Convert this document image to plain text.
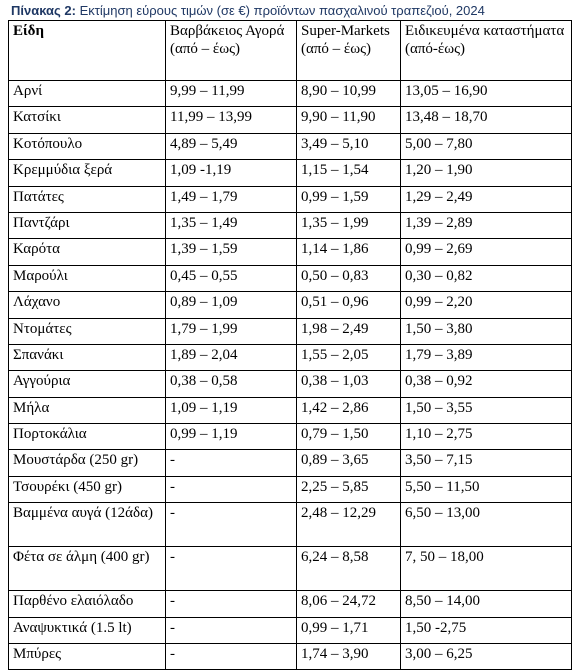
Πίνακας 2: Εκτίμηση εύρους τιμών (σε €) προϊόντων πασχαλινού τραπεζιού, 2024
Είδη	Βαρβάκειος Αγορά (από – έως)	Super-Markets (από – έως)	Ειδικευμένα καταστήματα (από-έως)
Αρνί	9,99 – 11,99	8,90 – 10,99	13,05 – 16,90
Κατσίκι	11,99 – 13,99	9,90 – 11,90	13,48 – 18,70
Κοτόπουλο	4,89 – 5,49	3,49 – 5,10	5,00 – 7,80
Κρεμμύδια ξερά	1,09 -1,19	1,15 – 1,54	1,20 – 1,90
Πατάτες	1,49 – 1,79	0,99 – 1,59	1,29 – 2,49
Παντζάρι	1,35 – 1,49	1,35 – 1,99	1,39 – 2,89
Καρότα	1,39 – 1,59	1,14 – 1,86	0,99 – 2,69
Μαρούλι	0,45 – 0,55	0,50 – 0,83	0,30 – 0,82
Λάχανο	0,89 – 1,09	0,51 – 0,96	0,99 – 2,20
Ντομάτες	1,79 – 1,99	1,98 – 2,49	1,50 – 3,80
Σπανάκι	1,89 – 2,04	1,55 – 2,05	1,79 – 3,89
Αγγούρια	0,38 – 0,58	0,38 – 1,03	0,38 – 0,92
Μήλα	1,09 – 1,19	1,42 – 2,86	1,50 – 3,55
Πορτοκάλια	0,99 – 1,19	0,79 – 1,50	1,10 – 2,75
Μουστάρδα (250 gr)	-	0,89 – 3,65	3,50 – 7,15
Τσουρέκι (450 gr)	-	2,25 – 5,85	5,50 – 11,50
Βαμμένα αυγά (12άδα)	-	2,48 – 12,29	6,50 – 13,00
Φέτα σε άλμη (400 gr)	-	6,24 – 8,58	7, 50 – 18,00
Παρθένο ελαιόλαδο	-	8,06 – 24,72	8,50 – 14,00
Αναψυκτικά (1.5 lt)	-	0,99 – 1,71	1,50 -2,75
Μπύρες	-	1,74 – 3,90	3,00 – 6,25
